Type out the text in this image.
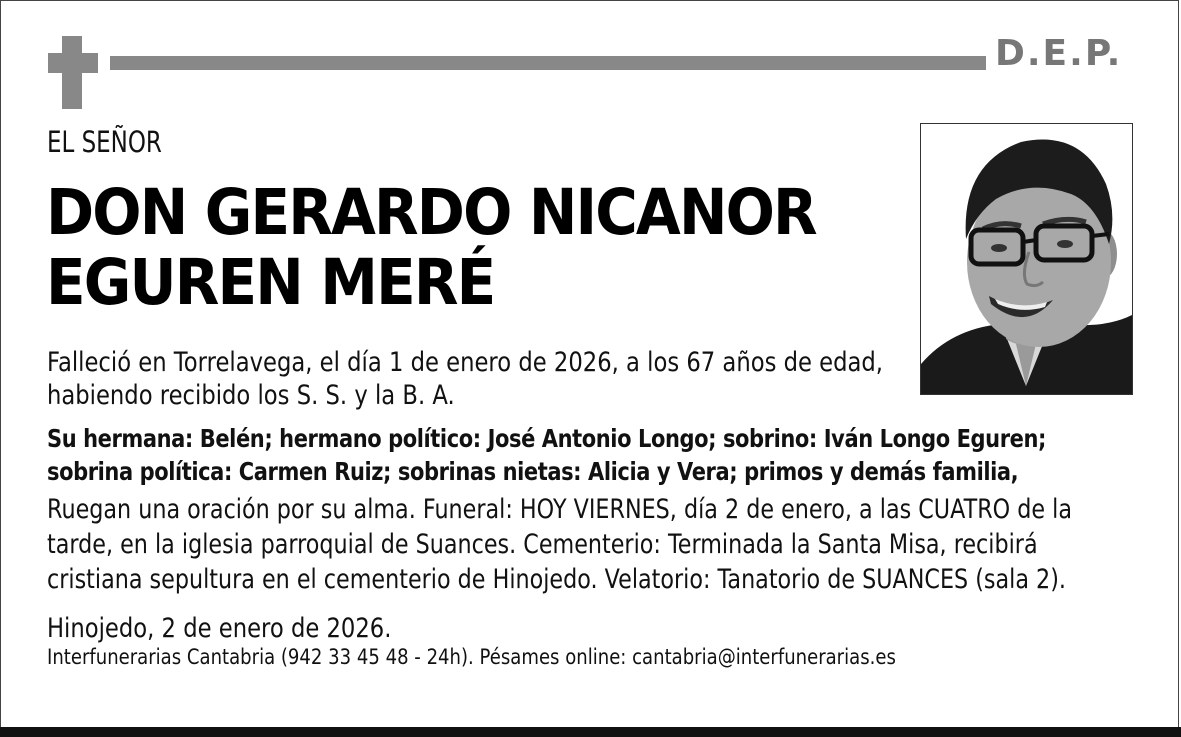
D.E.P.
EL SEÑOR
DON GERARDO NICANOR
EGUREN MERÉ
Falleció en Torrelavega, el día 1 de enero de 2026, a los 67 años de edad,
habiendo recibido los S. S. y la B. A.
Su hermana: Belén; hermano político: José Antonio Longo; sobrino: Iván Longo Eguren;
sobrina política: Carmen Ruiz; sobrinas nietas: Alicia y Vera; primos y demás familia,
Ruegan una oración por su alma. Funeral: HOY VIERNES, día 2 de enero, a las CUATRO de la
tarde, en la iglesia parroquial de Suances. Cementerio: Terminada la Santa Misa, recibirá
cristiana sepultura en el cementerio de Hinojedo. Velatorio: Tanatorio de SUANCES (sala 2).
Hinojedo, 2 de enero de 2026.
Interfunerarias Cantabria (942 33 45 48 - 24h). Pésames online: cantabria@interfunerarias.es
